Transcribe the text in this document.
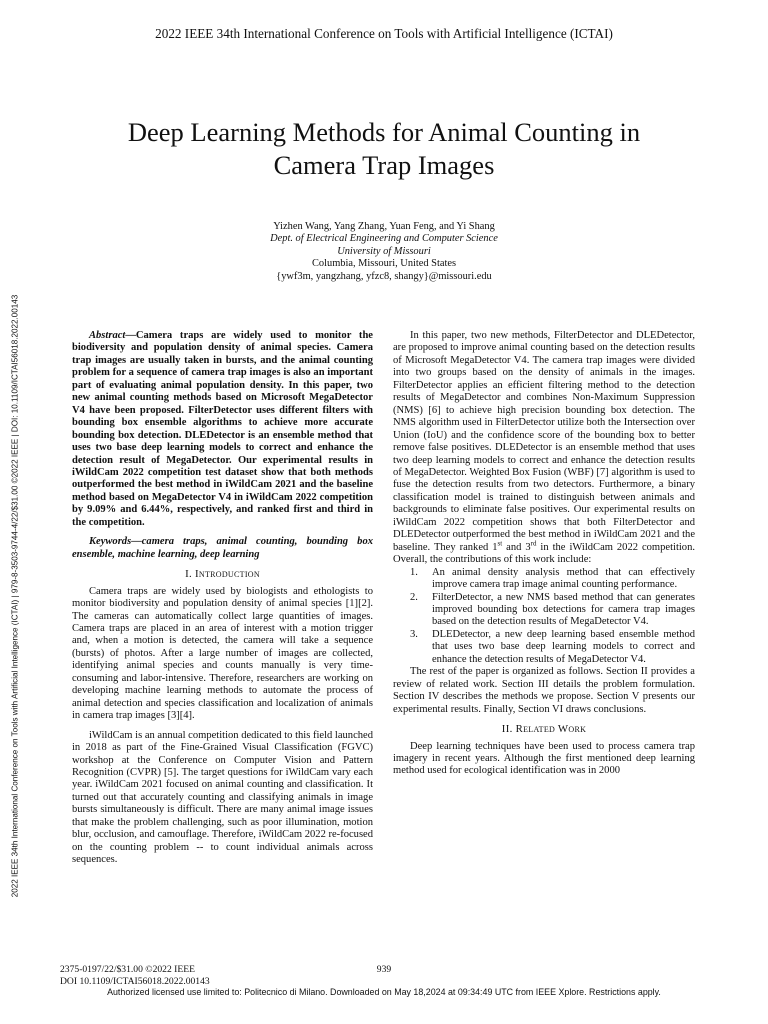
2022 IEEE 34th International Conference on Tools with Artificial Intelligence (ICTAI)
Deep Learning Methods for Animal Counting in
Camera Trap Images
Yizhen Wang, Yang Zhang, Yuan Feng, and Yi Shang
Dept. of Electrical Engineering and Computer Science
University of Missouri
Columbia, Missouri, United States
{ywf3m, yangzhang, yfzc8, shangy}@missouri.edu
2022 IEEE 34th International Conference on Tools with Artificial Intelligence (ICTAI) | 979-8-3503-9744-4/22/$31.00 ©2022 IEEE | DOI: 10.1109/ICTAI56018.2022.00143	Abstract—Camera traps are widely used to monitor the biodiversity and population density of animal species. Camera trap images are usually taken in bursts, and the animal counting problem for a sequence of camera trap images is also an important part of evaluating animal population density. In this paper, two new animal counting methods based on Microsoft MegaDetector V4 have been proposed. FilterDetector uses different filters with bounding box ensemble algorithms to achieve more accurate bounding box detection. DLEDetector is an ensemble method that uses two base deep learning models to correct and enhance the detection result of MegaDetector. Our experimental results in iWildCam 2022 competition test dataset show that both methods outperformed the best method in iWildCam 2021 and the baseline method based on MegaDetector V4 in iWildCam 2022 competition by 9.09% and 6.44%, respectively, and ranked first and third in the competition.

Keywords—camera traps, animal counting, bounding box ensemble, machine learning, deep learning

I. Introduction

Camera traps are widely used by biologists and ethologists to monitor biodiversity and population density of animal species [1][2]. The cameras can automatically collect large quantities of images. Camera traps are placed in an area of interest with a motion trigger and, when a motion is detected, the camera will take a sequence (bursts) of photos. After a large number of images are collected, identifying animal species and counts manually is very time-consuming and labor-intensive. Therefore, researchers are working on developing machine learning methods to automate the process of animal detection and species classification and localization of animals in camera trap images [3][4].

iWildCam is an annual competition dedicated to this field launched in 2018 as part of the Fine-Grained Visual Classification (FGVC) workshop at the Conference on Computer Vision and Pattern Recognition (CVPR) [5]. The target questions for iWildCam vary each year. iWildCam 2021 focused on animal counting and classification. It turned out that accurately counting and classifying animals in image bursts simultaneously is difficult. There are many animal image issues that make the problem challenging, such as poor illumination, motion blur, occlusion, and camouflage. Therefore, iWildCam 2022 re-focused on the counting problem -- to count individual animals across sequences.

In this paper, two new methods, FilterDetector and DLEDetector, are proposed to improve animal counting based on the detection results of Microsoft MegaDetector V4. The camera trap images were divided into two groups based on the density of animals in the images. FilterDetector applies an efficient filtering method to the detection results of MegaDetector and combines Non-Maximum Suppression (NMS) [6] to achieve high precision bounding box detection. The NMS algorithm used in FilterDetector utilize both the Intersection over Union (IoU) and the confidence score of the bounding box to better remove false positives. DLEDetector is an ensemble method that uses two deep learning models to correct and enhance the detection results of MegaDetector. Weighted Box Fusion (WBF) [7] algorithm is used to fuse the detection results from two detectors. Furthermore, a binary classification model is trained to distinguish between animals and backgrounds to eliminate false positives. Our experimental results on iWildCam 2022 competition shows that both FilterDetector and DLEDetector outperformed the best method in iWildCam 2021 and the baseline. They ranked 1st and 3rd in the iWildCam 2022 competition. Overall, the contributions of this work include:

1. An animal density analysis method that can effectively improve camera trap image animal counting performance.
2. FilterDetector, a new NMS based method that can generates improved bounding box detections for camera trap images based on the detection results of MegaDetector V4.
3. DLEDetector, a new deep learning based ensemble method that uses two base deep learning models to correct and enhance the detection results of MegaDetector V4.

The rest of the paper is organized as follows. Section II provides a review of related work. Section III details the problem formulation. Section IV describes the methods we propose. Section V presents our experimental results. Finally, Section VI draws conclusions.

II. Related Work

Deep learning techniques have been used to process camera trap imagery in recent years. Although the first mentioned deep learning method used for ecological identification was in 2000

939
2375-0197/22/$31.00 ©2022 IEEE
DOI 10.1109/ICTAI56018.2022.00143
Authorized licensed use limited to: Politecnico di Milano. Downloaded on May 18,2024 at 09:34:49 UTC from IEEE Xplore. Restrictions apply.
